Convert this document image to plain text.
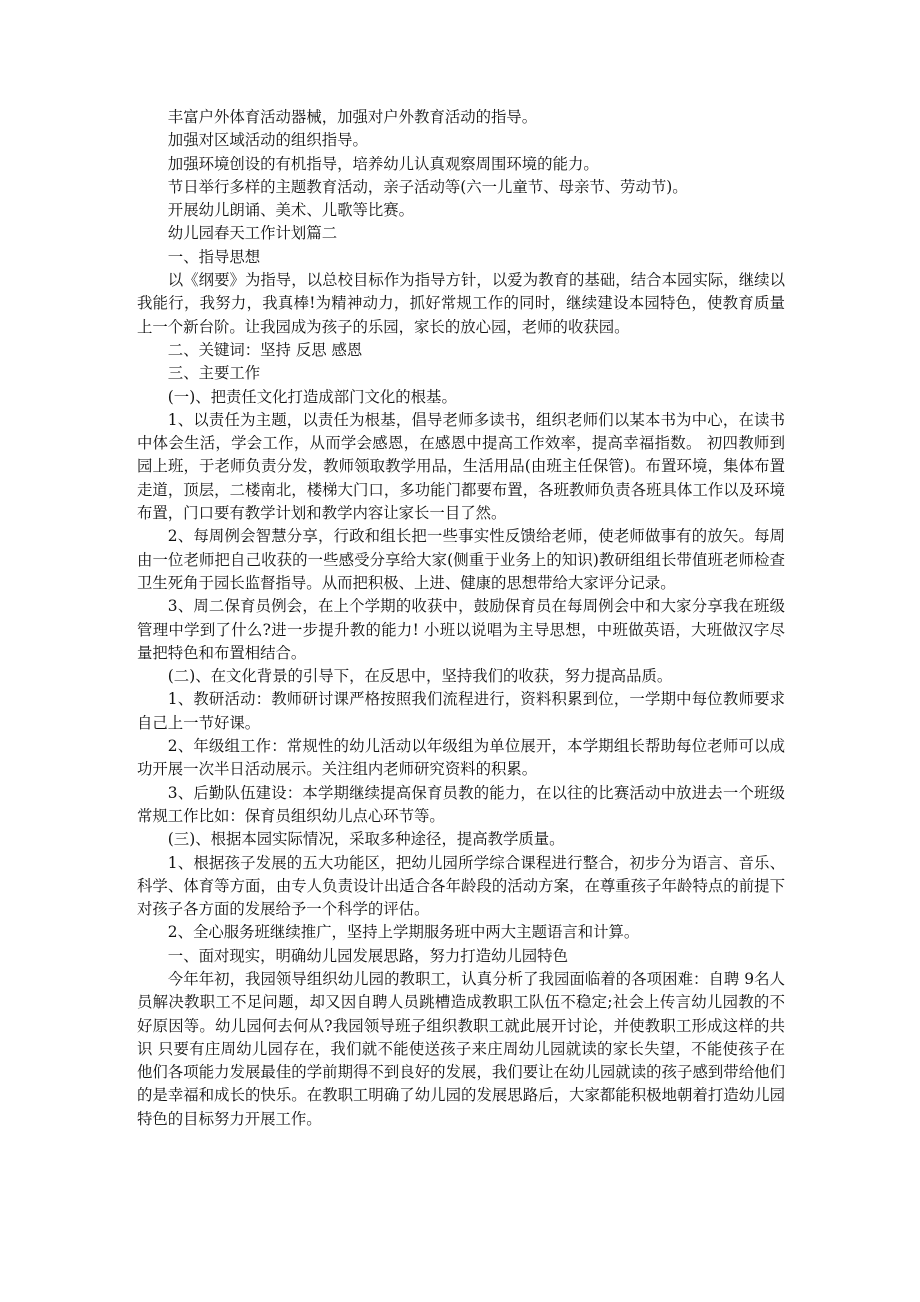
丰富户外体育活动器械，加强对户外教育活动的指导。

加强对区域活动的组织指导。

加强环境创设的有机指导，培养幼儿认真观察周围环境的能力。

节日举行多样的主题教育活动，亲子活动等(六一儿童节、母亲节、劳动节)。

开展幼儿朗诵、美术、儿歌等比赛。

幼儿园春天工作计划篇二

一、指导思想

以《纲要》为指导，以总校目标作为指导方针，以爱为教育的基础，结合本园实际，继续以我能行，我努力，我真棒!为精神动力，抓好常规工作的同时，继续建设本园特色，使教育质量上一个新台阶。让我园成为孩子的乐园，家长的放心园，老师的收获园。

二、关键词：坚持 反思 感恩

三、主要工作

(一)、把责任文化打造成部门文化的根基。

1、以责任为主题，以责任为根基，倡导老师多读书，组织老师们以某本书为中心，在读书中体会生活，学会工作，从而学会感恩，在感恩中提高工作效率，提高幸福指数。 初四教师到园上班，于老师负责分发，教师领取教学用品，生活用品(由班主任保管)。布置环境，集体布置走道，顶层，二楼南北，楼梯大门口，多功能门都要布置，各班教师负责各班具体工作以及环境布置，门口要有教学计划和教学内容让家长一目了然。

2、每周例会智慧分享，行政和组长把一些事实性反馈给老师，使老师做事有的放矢。每周由一位老师把自己收获的一些感受分享给大家(侧重于业务上的知识)教研组组长带值班老师检查卫生死角于园长监督指导。从而把积极、上进、健康的思想带给大家评分记录。

3、周二保育员例会，在上个学期的收获中，鼓励保育员在每周例会中和大家分享我在班级管理中学到了什么?进一步提升教的能力! 小班以说唱为主导思想，中班做英语，大班做汉字尽量把特色和布置相结合。

(二)、在文化背景的引导下，在反思中，坚持我们的收获，努力提高品质。

1、教研活动：教师研讨课严格按照我们流程进行，资料积累到位，一学期中每位教师要求自己上一节好课。

2、年级组工作：常规性的幼儿活动以年级组为单位展开，本学期组长帮助每位老师可以成功开展一次半日活动展示。关注组内老师研究资料的积累。

3、后勤队伍建设：本学期继续提高保育员教的能力，在以往的比赛活动中放进去一个班级常规工作比如：保育员组织幼儿点心环节等。

(三)、根据本园实际情况，采取多种途径，提高教学质量。

1、根据孩子发展的五大功能区，把幼儿园所学综合课程进行整合，初步分为语言、音乐、科学、体育等方面，由专人负责设计出适合各年龄段的活动方案，在尊重孩子年龄特点的前提下对孩子各方面的发展给予一个科学的评估。

2、全心服务班继续推广，坚持上学期服务班中两大主题语言和计算。

一、面对现实，明确幼儿园发展思路，努力打造幼儿园特色

今年年初，我园领导组织幼儿园的教职工，认真分析了我园面临着的各项困难：自聘 9名人员解决教职工不足问题，却又因自聘人员跳槽造成教职工队伍不稳定;社会上传言幼儿园教的不好原因等。幼儿园何去何从?我园领导班子组织教职工就此展开讨论，并使教职工形成这样的共识 只要有庄周幼儿园存在，我们就不能使送孩子来庄周幼儿园就读的家长失望，不能使孩子在他们各项能力发展最佳的学前期得不到良好的发展，我们要让在幼儿园就读的孩子感到带给他们的是幸福和成长的快乐。在教职工明确了幼儿园的发展思路后，大家都能积极地朝着打造幼儿园特色的目标努力开展工作。
